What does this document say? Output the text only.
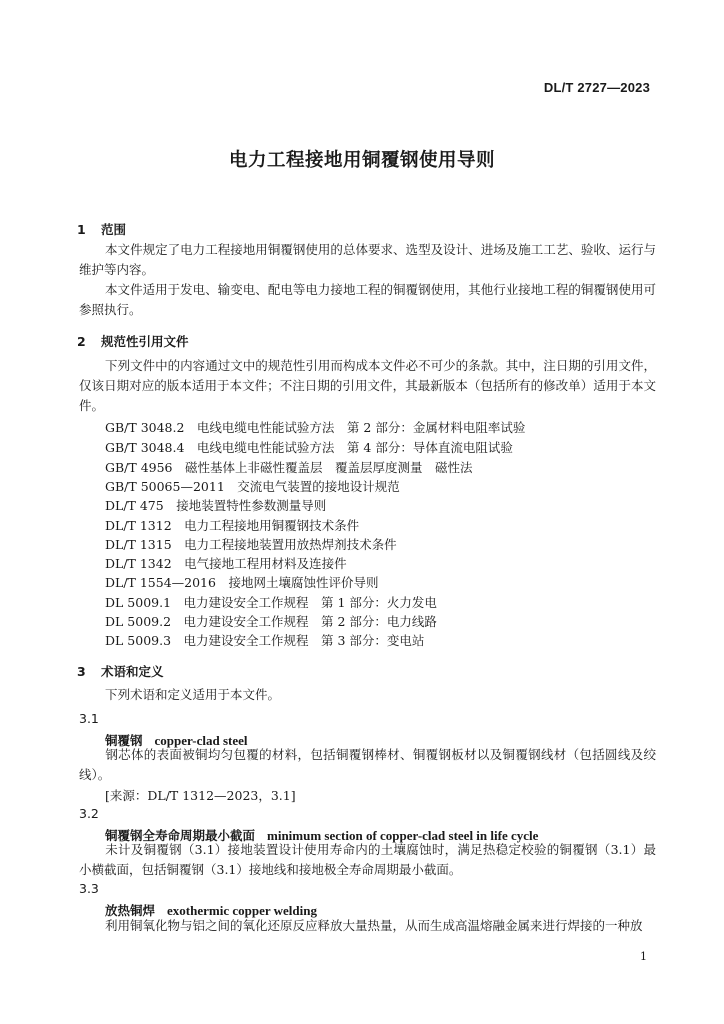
DL/T 2727—2023
电力工程接地用铜覆钢使用导则
1 范围
本文件规定了电力工程接地用铜覆钢使用的总体要求、选型及设计、进场及施工工艺、验收、运行与维护等内容。
本文件适用于发电、输变电、配电等电力接地工程的铜覆钢使用，其他行业接地工程的铜覆钢使用可参照执行。
2 规范性引用文件
下列文件中的内容通过文中的规范性引用而构成本文件必不可少的条款。其中，注日期的引用文件，仅该日期对应的版本适用于本文件；不注日期的引用文件，其最新版本（包括所有的修改单）适用于本文件。
GB/T 3048.2　电线电缆电性能试验方法　第 2 部分：金属材料电阻率试验
GB/T 3048.4　电线电缆电性能试验方法　第 4 部分：导体直流电阻试验
GB/T 4956　磁性基体上非磁性覆盖层　覆盖层厚度测量　磁性法
GB/T 50065—2011　交流电气装置的接地设计规范
DL/T 475　接地装置特性参数测量导则
DL/T 1312　电力工程接地用铜覆钢技术条件
DL/T 1315　电力工程接地装置用放热焊剂技术条件
DL/T 1342　电气接地工程用材料及连接件
DL/T 1554—2016　接地网土壤腐蚀性评价导则
DL 5009.1　电力建设安全工作规程　第 1 部分：火力发电
DL 5009.2　电力建设安全工作规程　第 2 部分：电力线路
DL 5009.3　电力建设安全工作规程　第 3 部分：变电站
3 术语和定义
下列术语和定义适用于本文件。
3.1
铜覆钢 copper-clad steel
钢芯体的表面被铜均匀包覆的材料，包括铜覆钢棒材、铜覆钢板材以及铜覆钢线材（包括圆线及绞线）。
[来源：DL/T 1312—2023，3.1]
3.2
铜覆钢全寿命周期最小截面 minimum section of copper-clad steel in life cycle
未计及铜覆钢（3.1）接地装置设计使用寿命内的土壤腐蚀时，满足热稳定校验的铜覆钢（3.1）最小横截面，包括铜覆钢（3.1）接地线和接地极全寿命周期最小截面。
3.3
放热铜焊 exothermic copper welding
利用铜氧化物与铝之间的氧化还原反应释放大量热量，从而生成高温熔融金属来进行焊接的一种放
1
